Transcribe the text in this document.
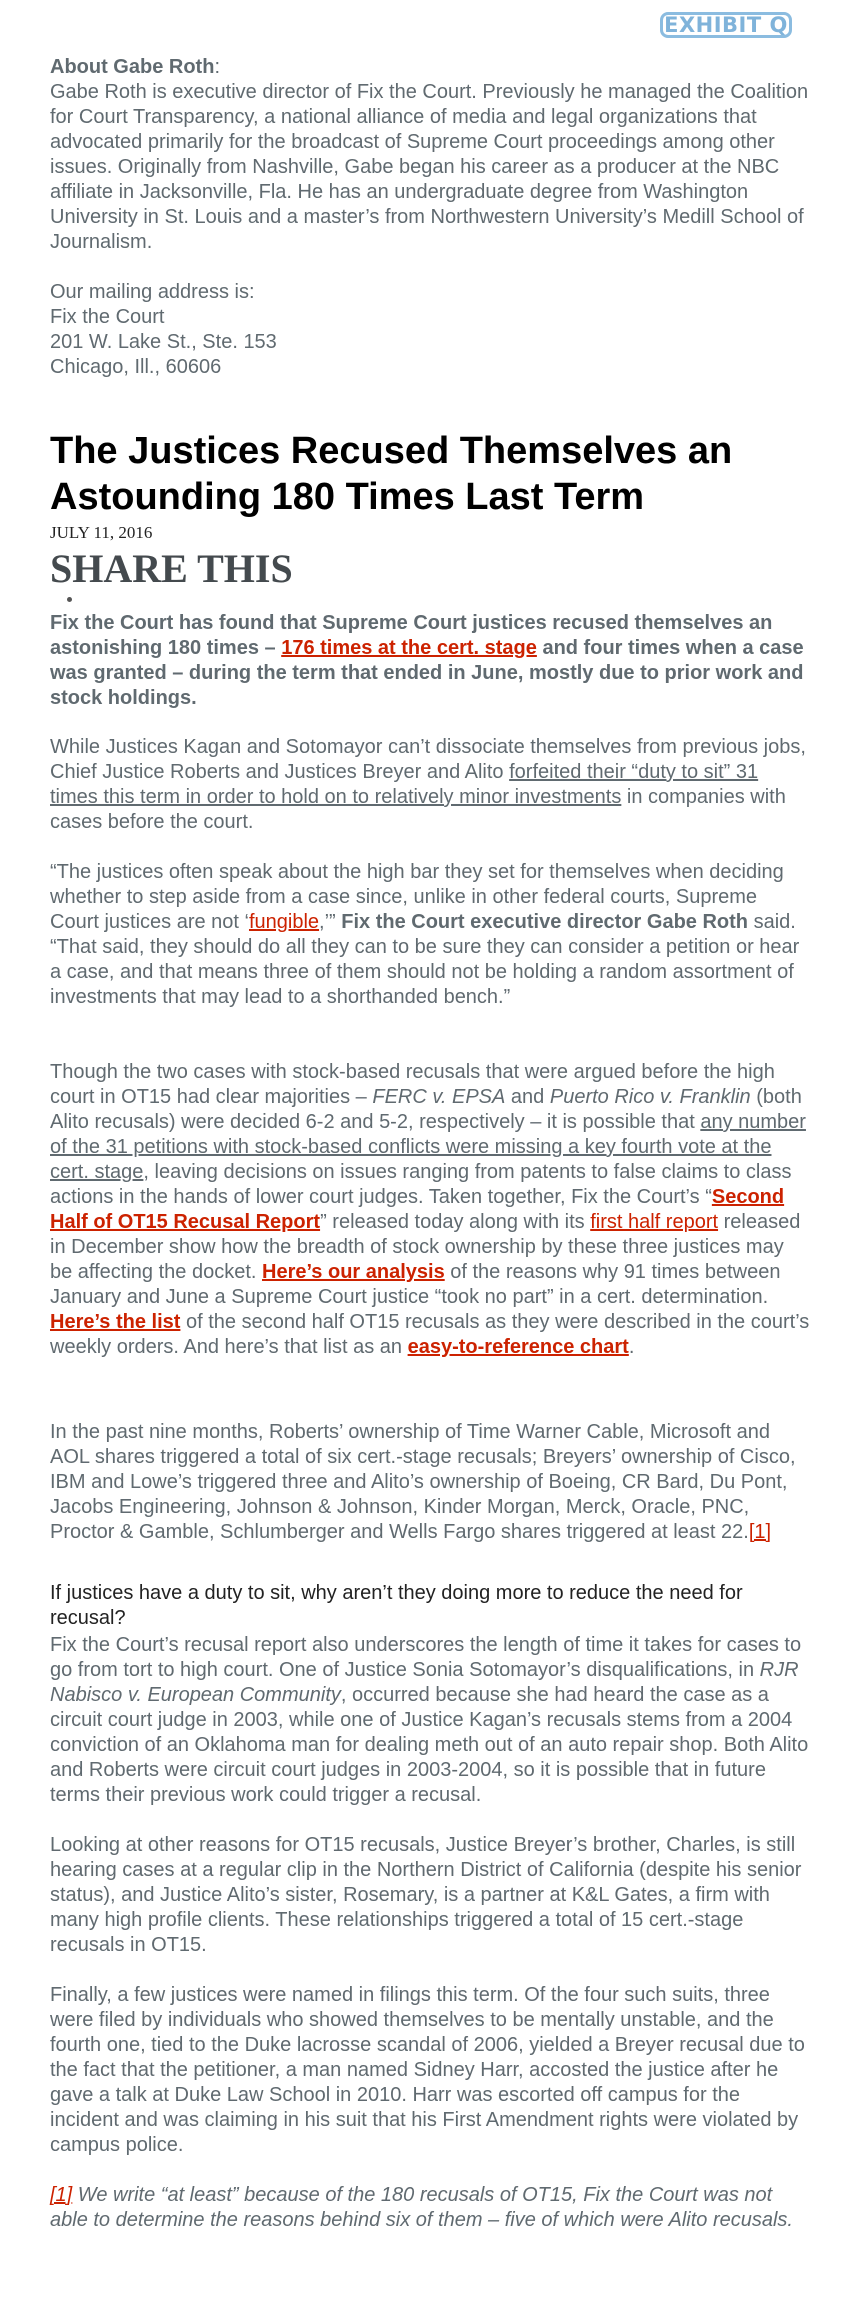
EXHIBIT Q

About Gabe Roth:

Gabe Roth is executive director of Fix the Court. Previously he managed the Coalition for Court Transparency, a national alliance of media and legal organizations that advocated primarily for the broadcast of Supreme Court proceedings among other issues. Originally from Nashville, Gabe began his career as a producer at the NBC affiliate in Jacksonville, Fla. He has an undergraduate degree from Washington University in St. Louis and a master’s from Northwestern University’s Medill School of Journalism.

Our mailing address is:

Fix the Court

201 W. Lake St., Ste. 153

Chicago, Ill., 60606

The Justices Recused Themselves an Astounding 180 Times Last Term
JULY 11, 2016
SHARE THIS

Fix the Court has found that Supreme Court justices recused themselves an astonishing 180 times – 176 times at the cert. stage and four times when a case was granted – during the term that ended in June, mostly due to prior work and stock holdings.

While Justices Kagan and Sotomayor can’t dissociate themselves from previous jobs, Chief Justice Roberts and Justices Breyer and Alito forfeited their “duty to sit” 31 times this term in order to hold on to relatively minor investments in companies with cases before the court.

“The justices often speak about the high bar they set for themselves when deciding whether to step aside from a case since, unlike in other federal courts, Supreme Court justices are not ‘fungible,’” Fix the Court executive director Gabe Roth said. “That said, they should do all they can to be sure they can consider a petition or hear a case, and that means three of them should not be holding a random assortment of investments that may lead to a shorthanded bench.”

Though the two cases with stock-based recusals that were argued before the high court in OT15 had clear majorities – FERC v. EPSA and Puerto Rico v. Franklin (both Alito recusals) were decided 6-2 and 5-2, respectively – it is possible that any number of the 31 petitions with stock-based conflicts were missing a key fourth vote at the cert. stage, leaving decisions on issues ranging from patents to false claims to class actions in the hands of lower court judges. Taken together, Fix the Court’s “Second Half of OT15 Recusal Report” released today along with its first half report released in December show how the breadth of stock ownership by these three justices may be affecting the docket. Here’s our analysis of the reasons why 91 times between January and June a Supreme Court justice “took no part” in a cert. determination. Here’s the list of the second half OT15 recusals as they were described in the court’s weekly orders. And here’s that list as an easy-to-reference chart.

In the past nine months, Roberts’ ownership of Time Warner Cable, Microsoft and AOL shares triggered a total of six cert.-stage recusals; Breyers’ ownership of Cisco, IBM and Lowe’s triggered three and Alito’s ownership of Boeing, CR Bard, Du Pont, Jacobs Engineering, Johnson & Johnson, Kinder Morgan, Merck, Oracle, PNC, Proctor & Gamble, Schlumberger and Wells Fargo shares triggered at least 22.[1]

If justices have a duty to sit, why aren’t they doing more to reduce the need for recusal?

Fix the Court’s recusal report also underscores the length of time it takes for cases to go from tort to high court. One of Justice Sonia Sotomayor’s disqualifications, in RJR Nabisco v. European Community, occurred because she had heard the case as a circuit court judge in 2003, while one of Justice Kagan’s recusals stems from a 2004 conviction of an Oklahoma man for dealing meth out of an auto repair shop. Both Alito and Roberts were circuit court judges in 2003-2004, so it is possible that in future terms their previous work could trigger a recusal.

Looking at other reasons for OT15 recusals, Justice Breyer’s brother, Charles, is still hearing cases at a regular clip in the Northern District of California (despite his senior status), and Justice Alito’s sister, Rosemary, is a partner at K&L Gates, a firm with many high profile clients. These relationships triggered a total of 15 cert.-stage recusals in OT15.

Finally, a few justices were named in filings this term. Of the four such suits, three were filed by individuals who showed themselves to be mentally unstable, and the fourth one, tied to the Duke lacrosse scandal of 2006, yielded a Breyer recusal due to the fact that the petitioner, a man named Sidney Harr, accosted the justice after he gave a talk at Duke Law School in 2010. Harr was escorted off campus for the incident and was claiming in his suit that his First Amendment rights were violated by campus police.

[1] We write “at least” because of the 180 recusals of OT15, Fix the Court was not able to determine the reasons behind six of them – five of which were Alito recusals.
